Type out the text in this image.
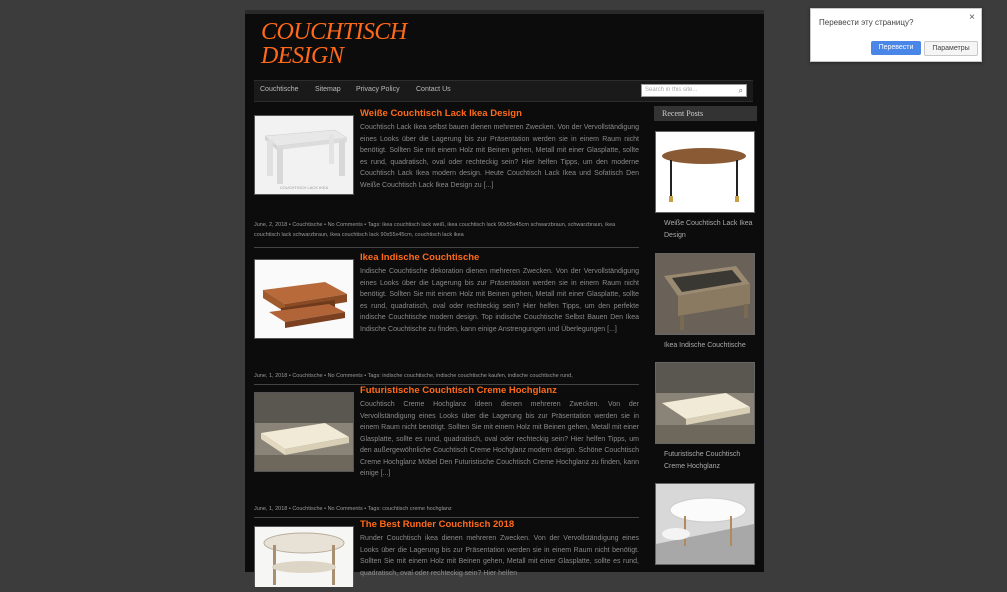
Перевести эту страницу?	×
Перевести	Параметры
COUCHTISCH
DESIGN
Couchtische Sitemap Privacy Policy Contact Us	Search in this site...	⌕
COUCHTISCH LACK IKEA
Weiße Couchtisch Lack Ikea Design
Couchtisch Lack Ikea selbst bauen dienen mehreren Zwecken. Von der Vervollständigung eines Looks über die Lagerung bis zur Präsentation werden sie in einem Raum nicht benötigt. Sollten Sie mit einem Holz mit Beinen gehen, Metall mit einer Glasplatte, sollte es rund, quadratisch, oval oder rechteckig sein? Hier helfen Tipps, um den moderne Couchtisch Lack Ikea modern design. Heute Couchtisch Lack Ikea und Sofatisch Den Weiße Couchtisch Lack Ikea Design zu [...]
June, 2, 2018 • Couchtische • No Comments • Tags: ikea couchtisch lack weiß, ikea couchtisch lack 90x55x45cm schwarzbraun, schwarzbraun, ikea couchtisch lack schwarzbraun, ikea couchtisch lack 90x55x45cm, couchtisch lack ikea
Ikea Indische Couchtische
Indische Couchtische dekoration dienen mehreren Zwecken. Von der Vervollständigung eines Looks über die Lagerung bis zur Präsentation werden sie in einem Raum nicht benötigt. Sollten Sie mit einem Holz mit Beinen gehen, Metall mit einer Glasplatte, sollte es rund, quadratisch, oval oder rechteckig sein? Hier helfen Tipps, um den perfekte indische Couchtische modern design. Top indische Couchtische Selbst Bauen Den Ikea Indische Couchtische zu finden, kann einige Anstrengungen und Überlegungen [...]
June, 1, 2018 • Couchtische • No Comments • Tags: indische couchtische, indische couchtische kaufen, indische couchtische rund,
Futuristische Couchtisch Creme Hochglanz
Couchtisch Creme Hochglanz ideen dienen mehreren Zwecken. Von der Vervollständigung eines Looks über die Lagerung bis zur Präsentation werden sie in einem Raum nicht benötigt. Sollten Sie mit einem Holz mit Beinen gehen, Metall mit einer Glasplatte, sollte es rund, quadratisch, oval oder rechteckig sein? Hier helfen Tipps, um den außergewöhnliche Couchtisch Creme Hochglanz modern design. Schöne Couchtisch Creme Hochglanz Möbel Den Futuristische Couchtisch Creme Hochglanz zu finden, kann einige [...]
June, 1, 2018 • Couchtische • No Comments • Tags: couchtisch creme hochglanz
The Best Runder Couchtisch 2018
Runder Couchtisch ikea dienen mehreren Zwecken. Von der Vervollständigung eines Looks über die Lagerung bis zur Präsentation werden sie in einem Raum nicht benötigt. Sollten Sie mit einem Holz mit Beinen gehen, Metall mit einer Glasplatte, sollte es rund, quadratisch, oval oder rechteckig sein? Hier helfen
Recent Posts
Weiße Couchtisch Lack Ikea Design
Ikea Indische Couchtische
Futuristische Couchtisch Creme Hochglanz
